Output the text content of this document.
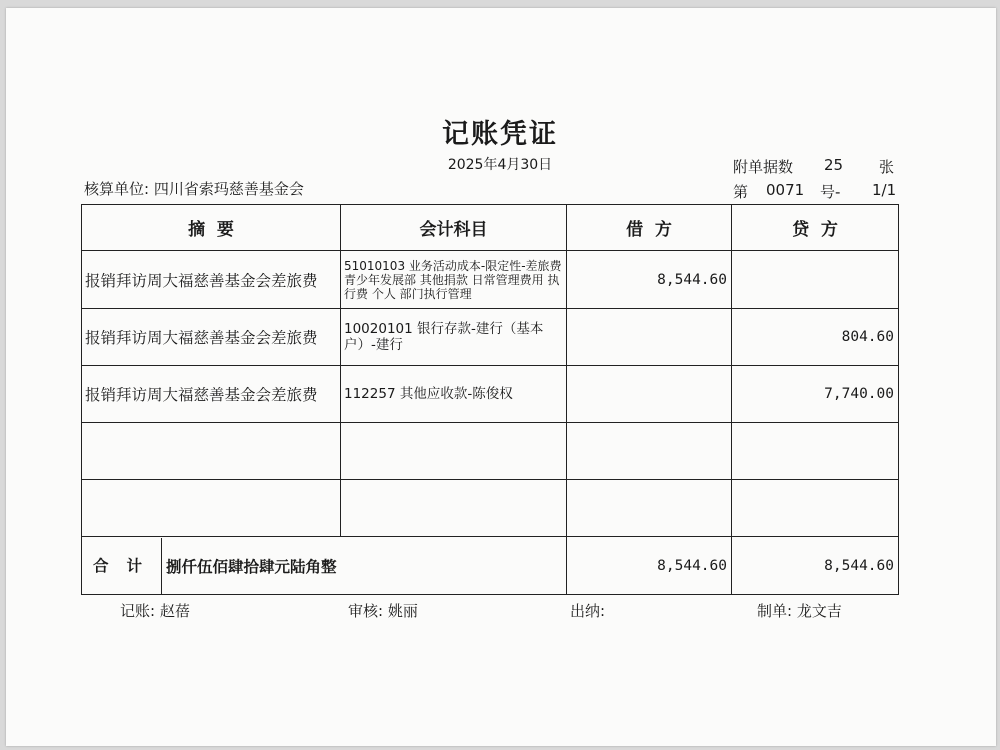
记账凭证
2025年4月30日	附单据数 25 张
核算单位: 四川省索玛慈善基金会	第 0071 号- 1/1
摘  要	会计科目	借  方	贷  方
报销拜访周大福慈善基金会差旅费	51010103 业务活动成本-限定性-差旅费 青少年发展部 其他捐款 日常管理费用 执行费 个人 部门执行管理	8,544.60	
报销拜访周大福慈善基金会差旅费	10020101 银行存款-建行（基本户）-建行		804.60
报销拜访周大福慈善基金会差旅费	112257 其他应收款-陈俊权		7,740.00

合计 捌仟伍佰肆拾肆元陆角整		8,544.60	8,544.60
记账: 赵蓓	审核: 姚丽	出纳:	制单: 龙文吉
